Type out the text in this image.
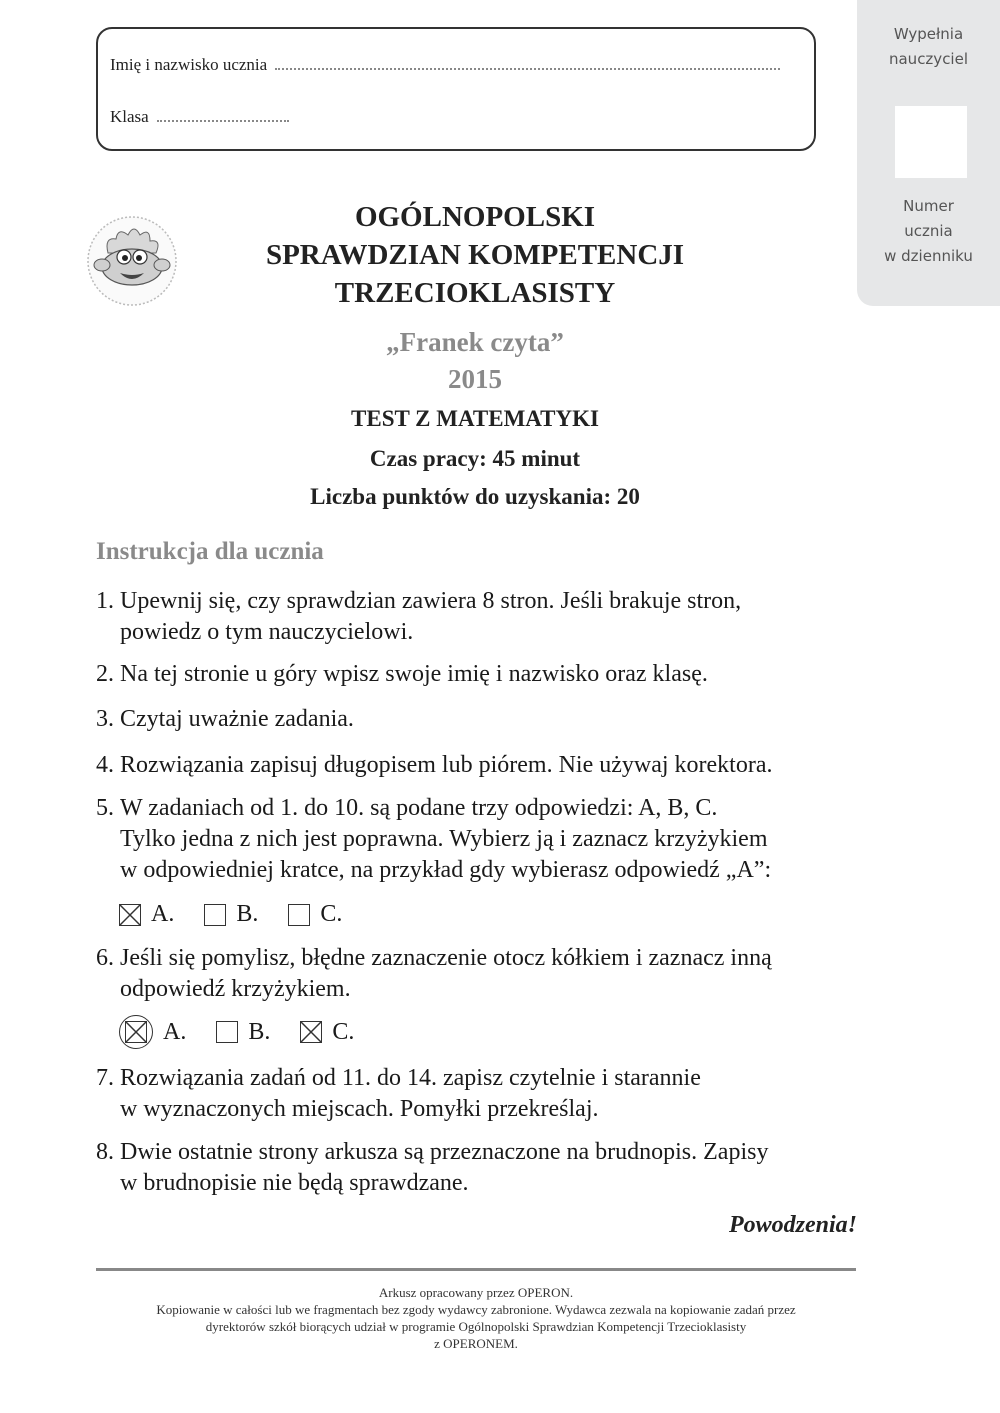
Imię i nazwisko ucznia
Klasa
Wypełnia
nauczyciel
Numer
ucznia
w dzienniku
OGÓLNOPOLSKI
SPRAWDZIAN KOMPETENCJI
TRZECIOKLASISTY
„Franek czyta”
2015
TEST Z MATEMATYKI
Czas pracy: 45 minut
Liczba punktów do uzyskania: 20
Instrukcja dla ucznia
1. Upewnij się, czy sprawdzian zawiera 8 stron. Jeśli brakuje stron,
powiedz o tym nauczycielowi.
2. Na tej stronie u góry wpisz swoje imię i nazwisko oraz klasę.
3. Czytaj uważnie zadania.
4. Rozwiązania zapisuj długopisem lub piórem. Nie używaj korektora.
5. W zadaniach od 1. do 10. są podane trzy odpowiedzi: A, B, C.
Tylko jedna z nich jest poprawna. Wybierz ją i zaznacz krzyżykiem
w odpowiedniej kratce, na przykład gdy wybierasz odpowiedź „A”:
A.	B.	C.
6. Jeśli się pomylisz, błędne zaznaczenie otocz kółkiem i zaznacz inną
odpowiedź krzyżykiem.
A.	B.	C.
7. Rozwiązania zadań od 11. do 14. zapisz czytelnie i starannie
w wyznaczonych miejscach. Pomyłki przekreślaj.
8. Dwie ostatnie strony arkusza są przeznaczone na brudnopis. Zapisy
w brudnopisie nie będą sprawdzane.
Powodzenia!
Arkusz opracowany przez OPERON.
Kopiowanie w całości lub we fragmentach bez zgody wydawcy zabronione. Wydawca zezwala na kopiowanie zadań przez
dyrektorów szkół biorących udział w programie Ogólnopolski Sprawdzian Kompetencji Trzecioklasisty
z OPERONEM.
